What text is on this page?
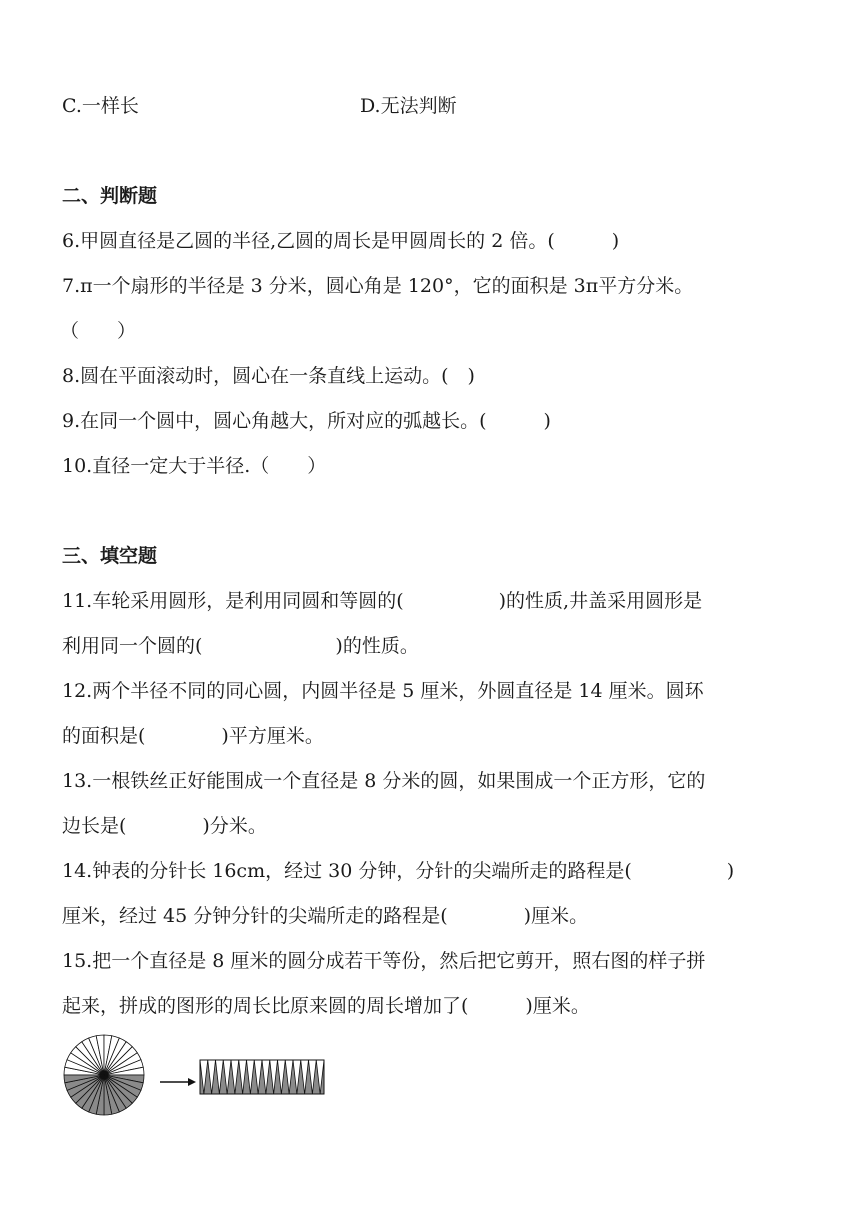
C.一样长	D.无法判断
二、判断题
6.甲圆直径是乙圆的半径,乙圆的周长是甲圆周长的 2 倍。(　　　)
7.π一个扇形的半径是 3 分米，圆心角是 120°，它的面积是 3π平方分米。
（　　）
8.圆在平面滚动时，圆心在一条直线上运动。(　)
9.在同一个圆中，圆心角越大，所对应的弧越长。(　　　)
10.直径一定大于半径.（　　）
三、填空题
11.车轮采用圆形，是利用同圆和等圆的(　　　　　)的性质,井盖采用圆形是
利用同一个圆的(　　　　　　　)的性质。
12.两个半径不同的同心圆，内圆半径是 5 厘米，外圆直径是 14 厘米。圆环
的面积是(　　　　)平方厘米。
13.一根铁丝正好能围成一个直径是 8 分米的圆，如果围成一个正方形，它的
边长是(　　　　)分米。
14.钟表的分针长 16cm，经过 30 分钟，分针的尖端所走的路程是(　　　　　)
厘米，经过 45 分钟分针的尖端所走的路程是(　　　　)厘米。
15.把一个直径是 8 厘米的圆分成若干等份，然后把它剪开，照右图的样子拼
起来，拼成的图形的周长比原来圆的周长增加了(　　　)厘米。
